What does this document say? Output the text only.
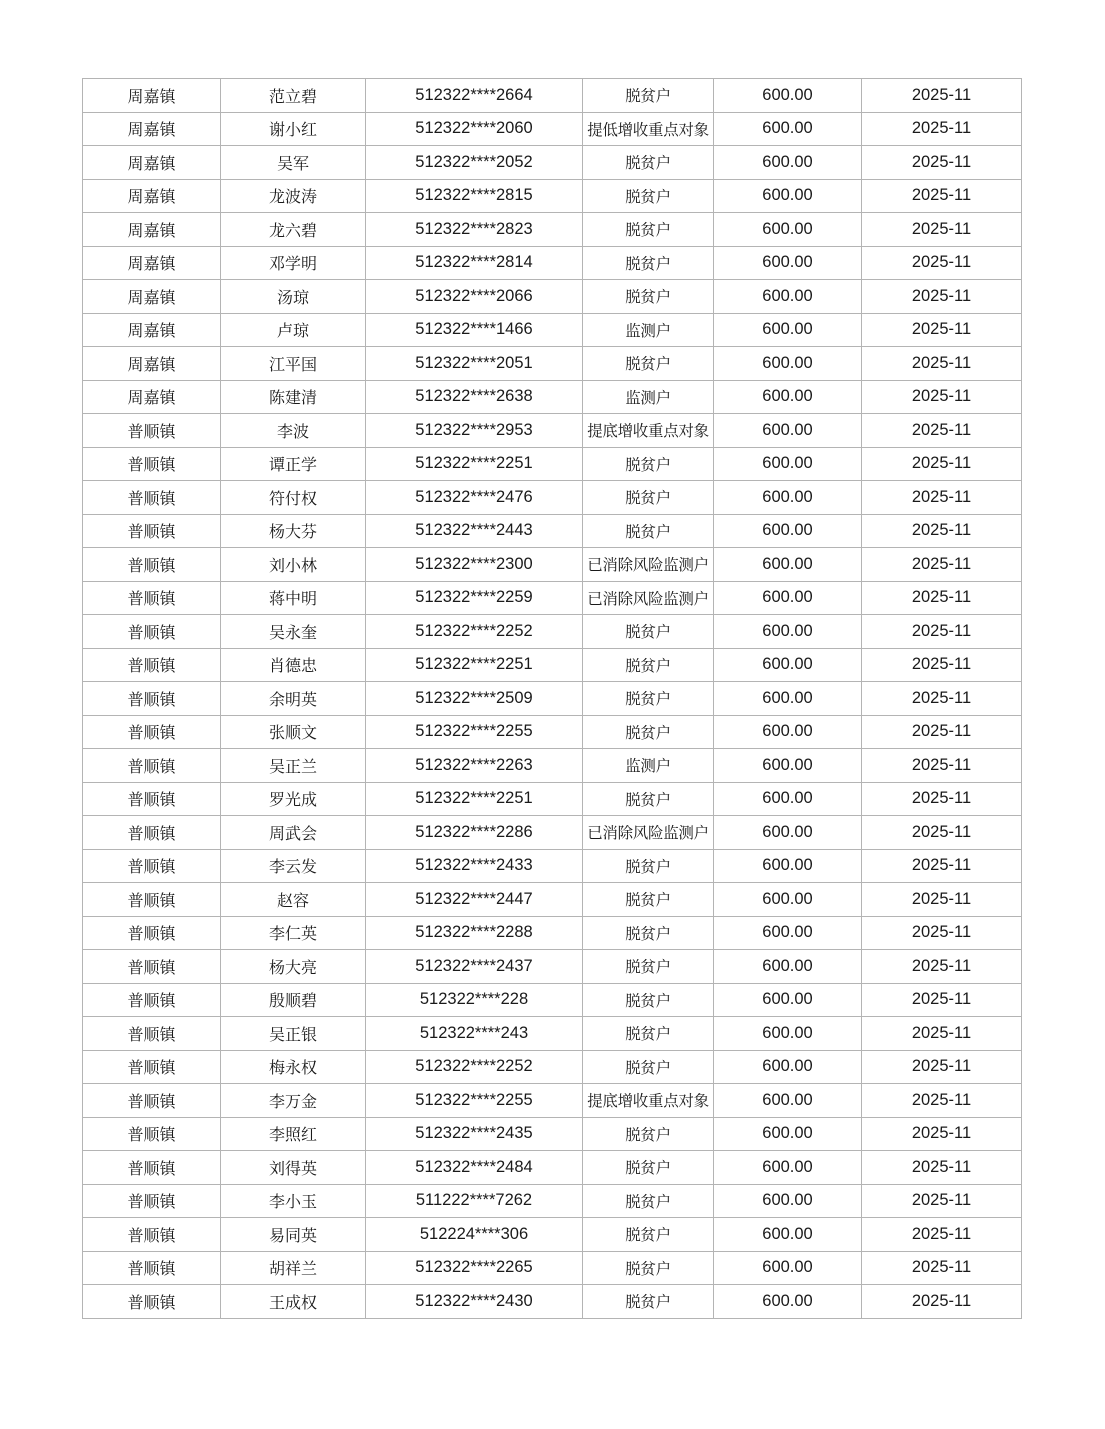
周嘉镇	范立碧	512322****2664	脱贫户	600.00	2025-11
周嘉镇	谢小红	512322****2060	提低增收重点对象	600.00	2025-11
周嘉镇	吴军	512322****2052	脱贫户	600.00	2025-11
周嘉镇	龙波涛	512322****2815	脱贫户	600.00	2025-11
周嘉镇	龙六碧	512322****2823	脱贫户	600.00	2025-11
周嘉镇	邓学明	512322****2814	脱贫户	600.00	2025-11
周嘉镇	汤琼	512322****2066	脱贫户	600.00	2025-11
周嘉镇	卢琼	512322****1466	监测户	600.00	2025-11
周嘉镇	江平国	512322****2051	脱贫户	600.00	2025-11
周嘉镇	陈建清	512322****2638	监测户	600.00	2025-11
普顺镇	李波	512322****2953	提底增收重点对象	600.00	2025-11
普顺镇	谭正学	512322****2251	脱贫户	600.00	2025-11
普顺镇	符付权	512322****2476	脱贫户	600.00	2025-11
普顺镇	杨大芬	512322****2443	脱贫户	600.00	2025-11
普顺镇	刘小林	512322****2300	已消除风险监测户	600.00	2025-11
普顺镇	蒋中明	512322****2259	已消除风险监测户	600.00	2025-11
普顺镇	吴永奎	512322****2252	脱贫户	600.00	2025-11
普顺镇	肖德忠	512322****2251	脱贫户	600.00	2025-11
普顺镇	余明英	512322****2509	脱贫户	600.00	2025-11
普顺镇	张顺文	512322****2255	脱贫户	600.00	2025-11
普顺镇	吴正兰	512322****2263	监测户	600.00	2025-11
普顺镇	罗光成	512322****2251	脱贫户	600.00	2025-11
普顺镇	周武会	512322****2286	已消除风险监测户	600.00	2025-11
普顺镇	李云发	512322****2433	脱贫户	600.00	2025-11
普顺镇	赵容	512322****2447	脱贫户	600.00	2025-11
普顺镇	李仁英	512322****2288	脱贫户	600.00	2025-11
普顺镇	杨大亮	512322****2437	脱贫户	600.00	2025-11
普顺镇	殷顺碧	512322****228	脱贫户	600.00	2025-11
普顺镇	吴正银	512322****243	脱贫户	600.00	2025-11
普顺镇	梅永权	512322****2252	脱贫户	600.00	2025-11
普顺镇	李万金	512322****2255	提底增收重点对象	600.00	2025-11
普顺镇	李照红	512322****2435	脱贫户	600.00	2025-11
普顺镇	刘得英	512322****2484	脱贫户	600.00	2025-11
普顺镇	李小玉	511222****7262	脱贫户	600.00	2025-11
普顺镇	易同英	512224****306	脱贫户	600.00	2025-11
普顺镇	胡祥兰	512322****2265	脱贫户	600.00	2025-11
普顺镇	王成权	512322****2430	脱贫户	600.00	2025-11
